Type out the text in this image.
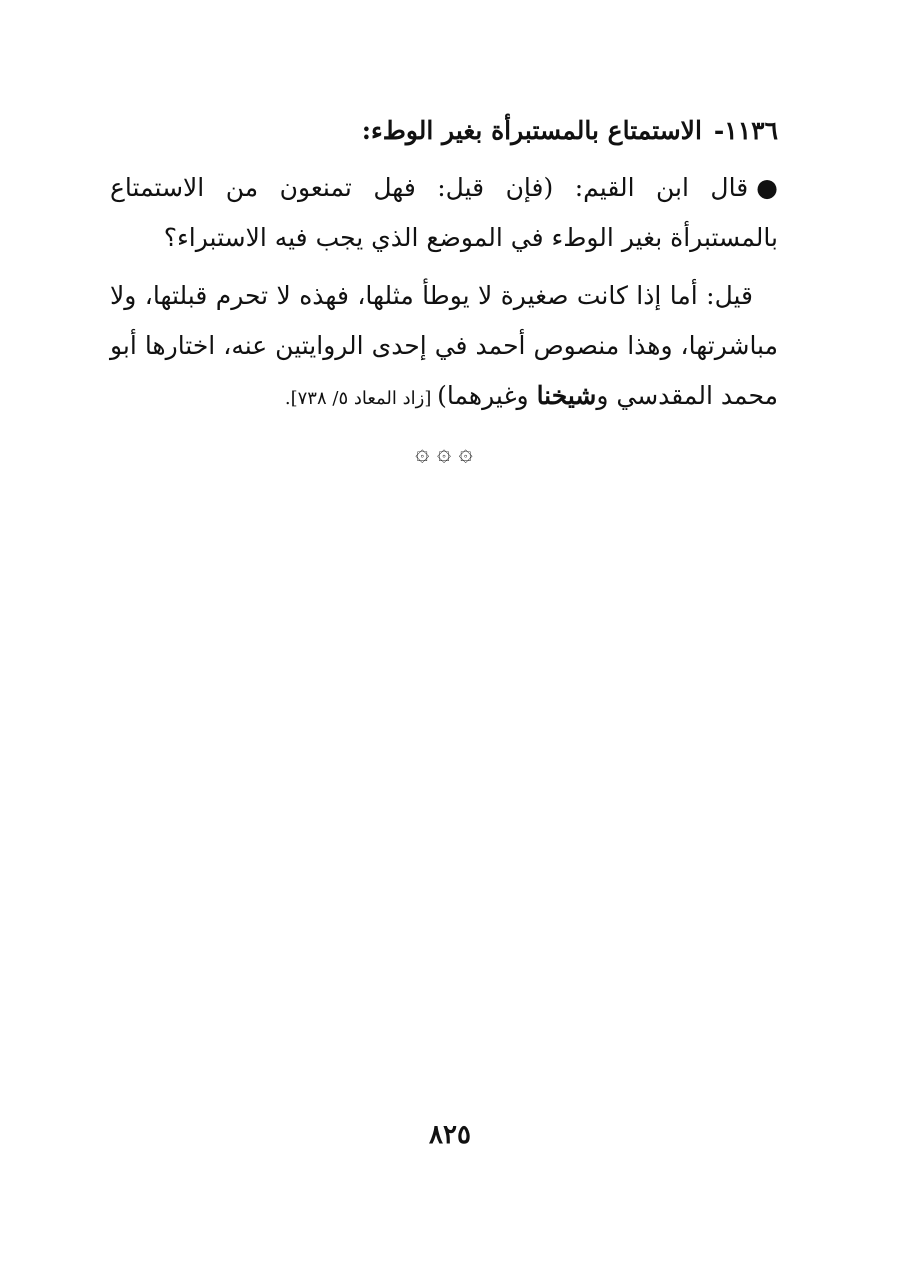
١١٣٦-الاستمتاع بالمستبرأة بغير الوطء:

●قال ابن القيم: (فإن قيل: فهل تمنعون من الاستمتاع بالمستبرأة بغير الوطء في الموضع الذي يجب فيه الاستبراء؟

قيل: أما إذا كانت صغيرة لا يوطأ مثلها، فهذه لا تحرم قبلتها، ولا مباشرتها، وهذا منصوص أحمد في إحدى الروايتين عنه، اختارها أبو محمد المقدسي وشيخنا وغيرهما) [زاد المعاد ٥/ ٧٣٨].

۞ ۞ ۞
٨٢٥
